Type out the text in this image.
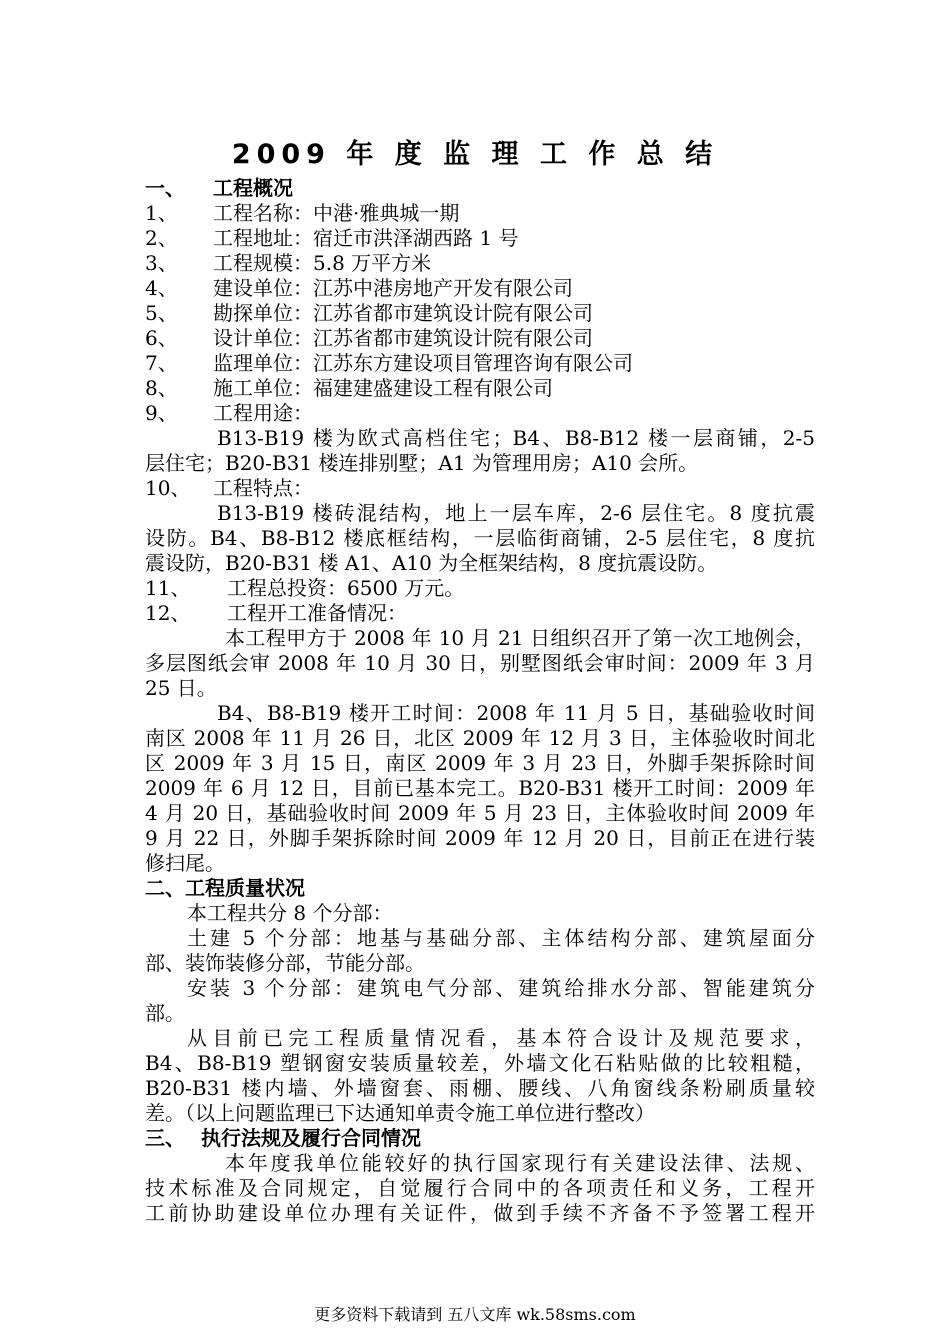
2009 年 度 监 理 工 作 总 结
一、 工程概况
1、 工程名称：中港·雅典城一期
2、 工程地址：宿迁市洪泽湖西路 1 号
3、 工程规模：5.8 万平方米
4、 建设单位：江苏中港房地产开发有限公司
5、 勘探单位：江苏省都市建筑设计院有限公司
6、 设计单位：江苏省都市建筑设计院有限公司
7、 监理单位：江苏东方建设项目管理咨询有限公司
8、 施工单位：福建建盛建设工程有限公司
9、 工程用途：
B13-B19 楼为欧式高档住宅；B4、B8-B12 楼一层商铺，2-5
层住宅；B20-B31 楼连排别墅；A1 为管理用房；A10 会所。
10、 工程特点：
B13-B19 楼砖混结构，地上一层车库，2-6 层住宅。8 度抗震
设防。B4、B8-B12 楼底框结构，一层临街商铺，2-5 层住宅，8 度抗
震设防，B20-B31 楼 A1、A10 为全框架结构，8 度抗震设防。
11、 工程总投资：6500 万元。
12、 工程开工准备情况：
本工程甲方于 2008 年 10 月 21 日组织召开了第一次工地例会，
多层图纸会审 2008 年 10 月 30 日，别墅图纸会审时间：2009 年 3 月
25 日。
B4、B8-B19 楼开工时间：2008 年 11 月 5 日，基础验收时间
南区 2008 年 11 月 26 日，北区 2009 年 12 月 3 日，主体验收时间北
区 2009 年 3 月 15 日，南区 2009 年 3 月 23 日，外脚手架拆除时间
2009 年 6 月 12 日，目前已基本完工。B20-B31 楼开工时间：2009 年
4 月 20 日，基础验收时间 2009 年 5 月 23 日，主体验收时间 2009 年
9 月 22 日，外脚手架拆除时间 2009 年 12 月 20 日，目前正在进行装
修扫尾。
二、工程质量状况
本工程共分 8 个分部：
土建 5 个分部：地基与基础分部、主体结构分部、建筑屋面分
部、装饰装修分部，节能分部。
安装 3 个分部：建筑电气分部、建筑给排水分部、智能建筑分
部。
从目前已完工程质量情况看，基本符合设计及规范要求，
B4、B8-B19 塑钢窗安装质量较差，外墙文化石粘贴做的比较粗糙，
B20-B31 楼内墙、外墙窗套、雨棚、腰线、八角窗线条粉刷质量较
差。（以上问题监理已下达通知单责令施工单位进行整改）
三、 执行法规及履行合同情况
本年度我单位能较好的执行国家现行有关建设法律、法规、
技术标准及合同规定，自觉履行合同中的各项责任和义务，工程开
工前协助建设单位办理有关证件，做到手续不齐备不予签署工程开
更多资料下载请到 五八文库 wk.58sms.com
